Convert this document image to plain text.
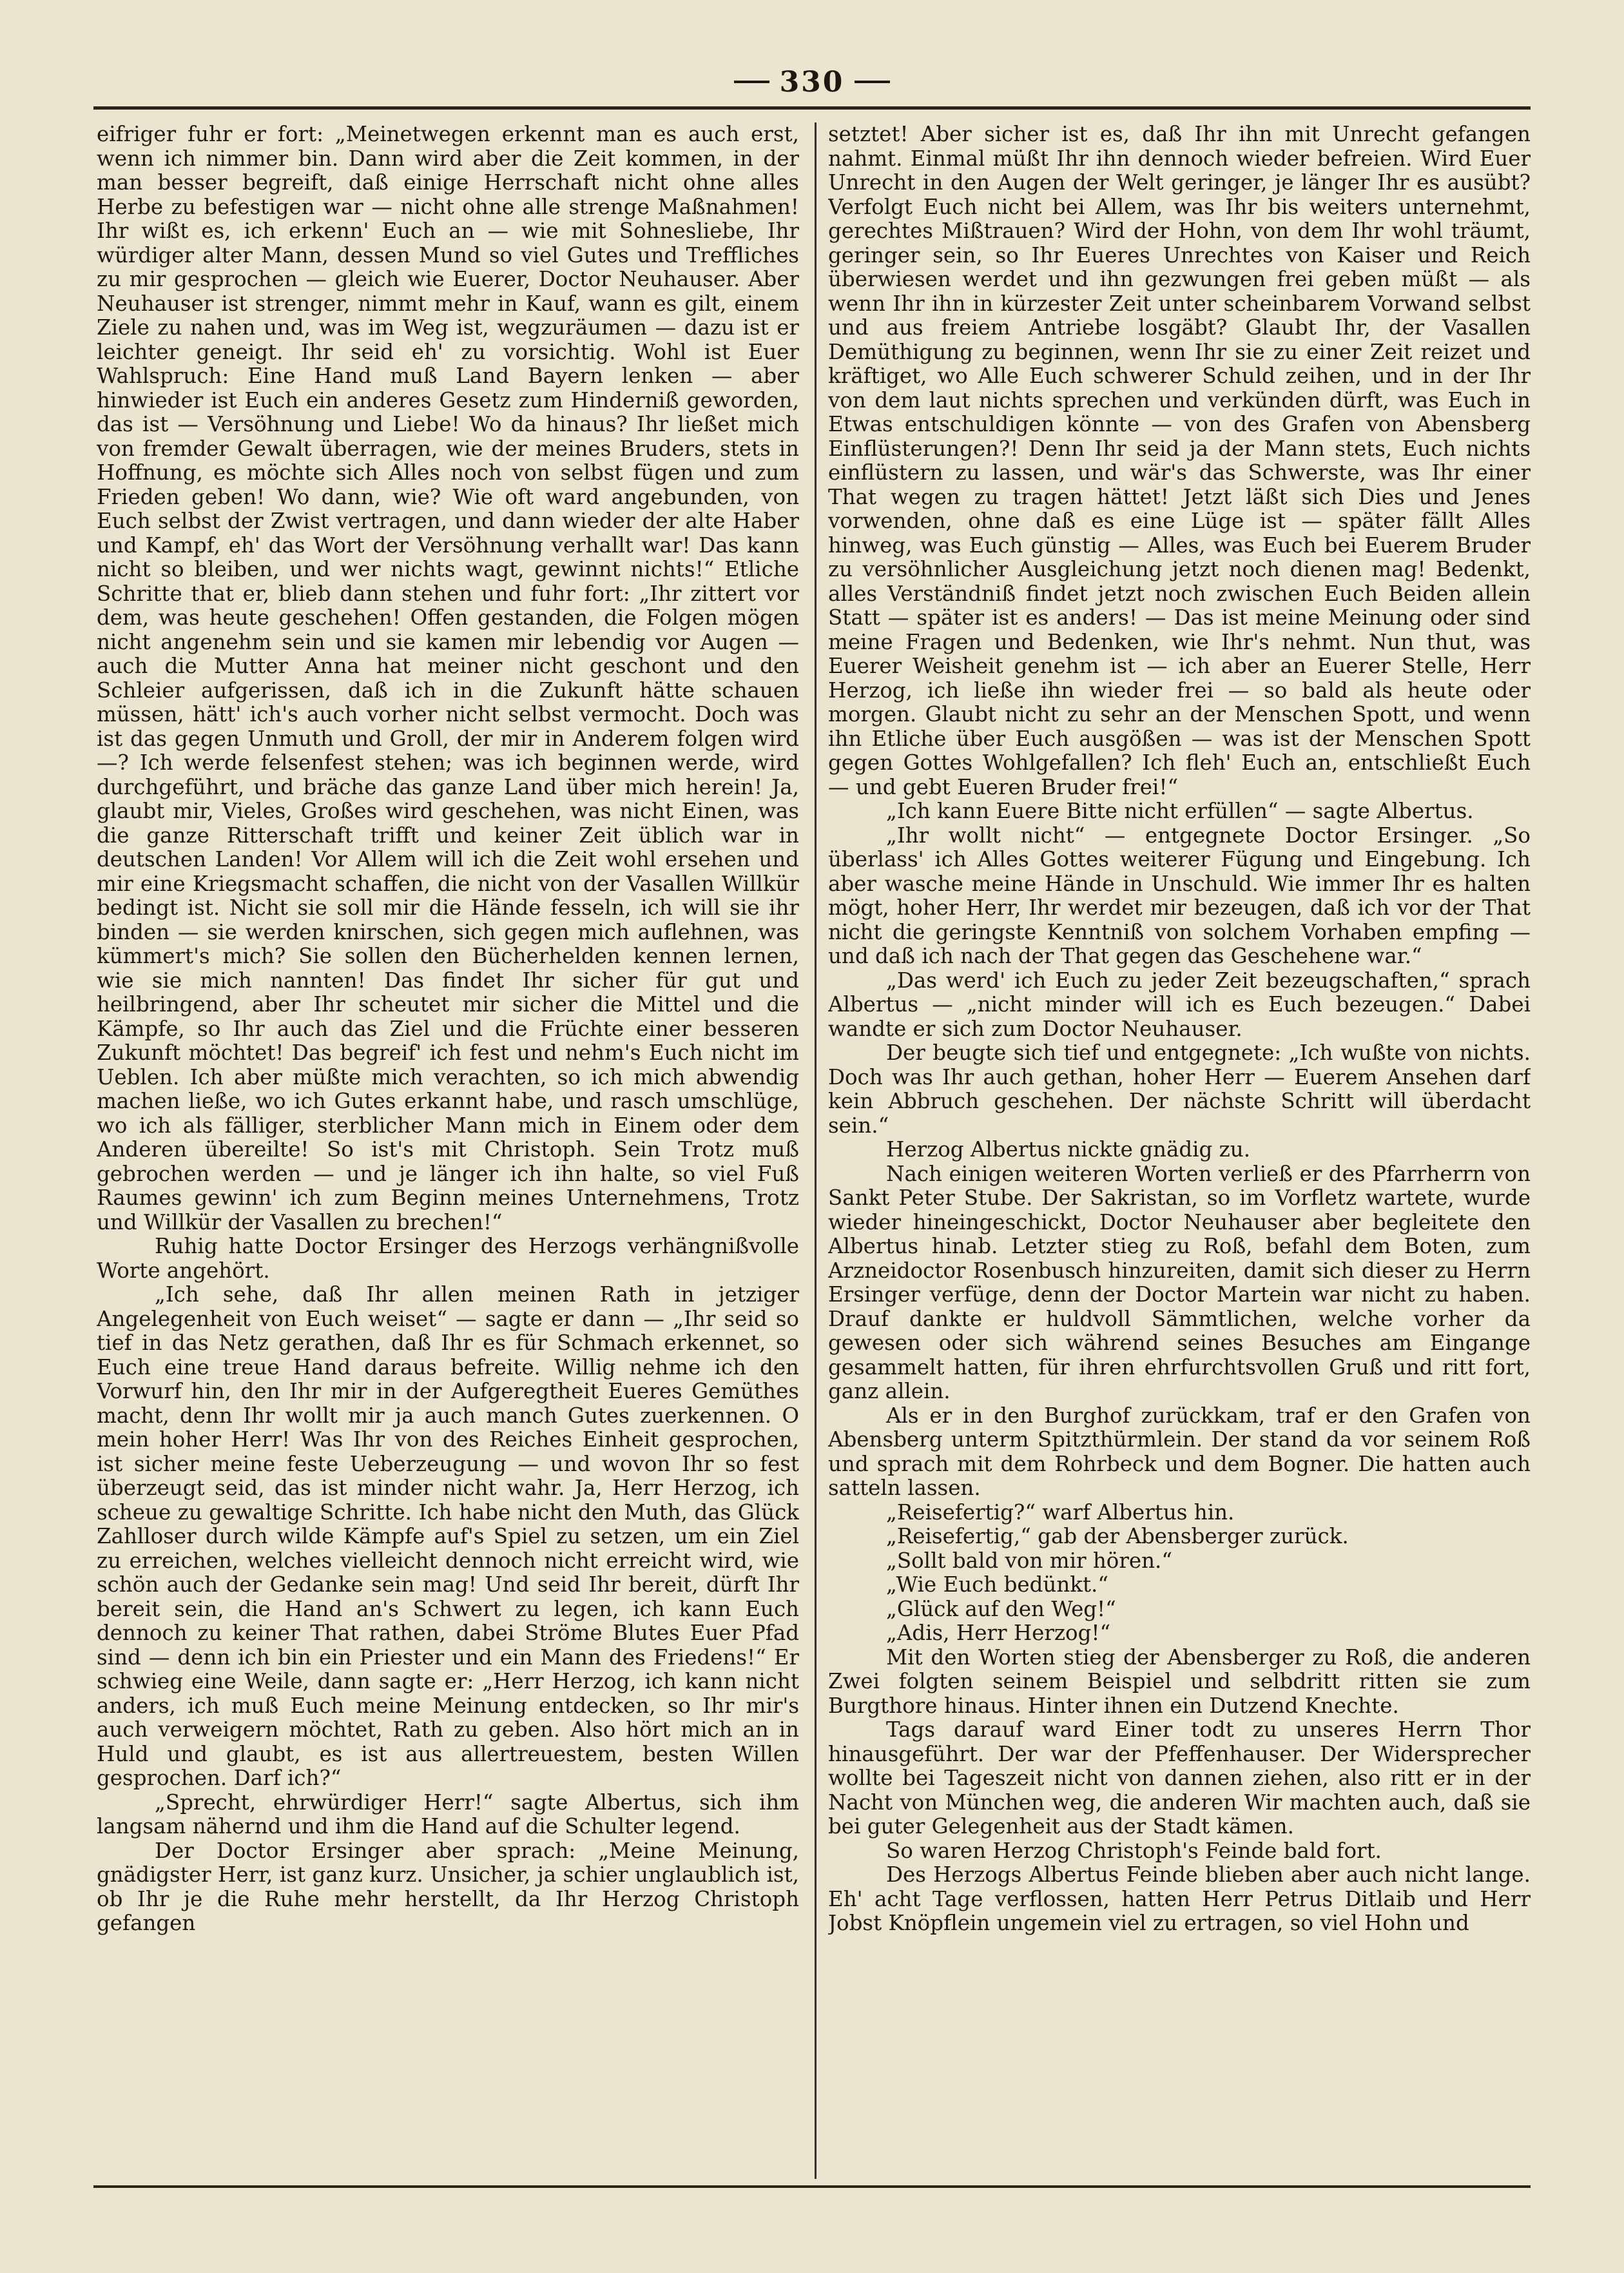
330

eifriger fuhr er fort: „Meinetwegen erkennt man es auch erst, wenn ich nimmer bin. Dann wird aber die Zeit kommen, in der man besser begreift, daß einige Herrschaft nicht ohne alles Herbe zu befestigen war — nicht ohne alle strenge Maßnahmen! Ihr wißt es, ich erkenn' Euch an — wie mit Sohnesliebe, Ihr würdiger alter Mann, dessen Mund so viel Gutes und Treffliches zu mir gesprochen — gleich wie Euerer, Doctor Neuhauser. Aber Neuhauser ist strenger, nimmt mehr in Kauf, wann es gilt, einem Ziele zu nahen und, was im Weg ist, wegzuräumen — dazu ist er leichter geneigt. Ihr seid eh' zu vorsichtig. Wohl ist Euer Wahlspruch: Eine Hand muß Land Bayern lenken — aber hinwieder ist Euch ein anderes Gesetz zum Hinderniß geworden, das ist — Versöhnung und Liebe! Wo da hinaus? Ihr ließet mich von fremder Gewalt überragen, wie der meines Bruders, stets in Hoffnung, es möchte sich Alles noch von selbst fügen und zum Frieden geben! Wo dann, wie? Wie oft ward angebunden, von Euch selbst der Zwist vertragen, und dann wieder der alte Haber und Kampf, eh' das Wort der Versöhnung verhallt war! Das kann nicht so bleiben, und wer nichts wagt, gewinnt nichts!“ Etliche Schritte that er, blieb dann stehen und fuhr fort: „Ihr zittert vor dem, was heute geschehen! Offen gestanden, die Folgen mögen nicht angenehm sein und sie kamen mir lebendig vor Augen — auch die Mutter Anna hat meiner nicht geschont und den Schleier aufgerissen, daß ich in die Zukunft hätte schauen müssen, hätt' ich's auch vorher nicht selbst vermocht. Doch was ist das gegen Unmuth und Groll, der mir in Anderem folgen wird —? Ich werde felsenfest stehen; was ich beginnen werde, wird durchgeführt, und bräche das ganze Land über mich herein! Ja, glaubt mir, Vieles, Großes wird geschehen, was nicht Einen, was die ganze Ritterschaft trifft und keiner Zeit üblich war in deutschen Landen! Vor Allem will ich die Zeit wohl ersehen und mir eine Kriegsmacht schaffen, die nicht von der Vasallen Willkür bedingt ist. Nicht sie soll mir die Hände fesseln, ich will sie ihr binden — sie werden knirschen, sich gegen mich auflehnen, was kümmert's mich? Sie sollen den Bücherhelden kennen lernen, wie sie mich nannten! Das findet Ihr sicher für gut und heilbringend, aber Ihr scheutet mir sicher die Mittel und die Kämpfe, so Ihr auch das Ziel und die Früchte einer besseren Zukunft möchtet! Das begreif' ich fest und nehm's Euch nicht im Ueblen. Ich aber müßte mich verachten, so ich mich abwendig machen ließe, wo ich Gutes erkannt habe, und rasch umschlüge, wo ich als fälliger, sterblicher Mann mich in Einem oder dem Anderen übereilte! So ist's mit Christoph. Sein Trotz muß gebrochen werden — und je länger ich ihn halte, so viel Fuß Raumes gewinn' ich zum Beginn meines Unternehmens, Trotz und Willkür der Vasallen zu brechen!“

Ruhig hatte Doctor Ersinger des Herzogs verhängnißvolle Worte angehört.

„Ich sehe, daß Ihr allen meinen Rath in jetziger Angelegenheit von Euch weiset“ — sagte er dann — „Ihr seid so tief in das Netz gerathen, daß Ihr es für Schmach erkennet, so Euch eine treue Hand daraus befreite. Willig nehme ich den Vorwurf hin, den Ihr mir in der Aufgeregtheit Eueres Gemüthes macht, denn Ihr wollt mir ja auch manch Gutes zuerkennen. O mein hoher Herr! Was Ihr von des Reiches Einheit gesprochen, ist sicher meine feste Ueberzeugung — und wovon Ihr so fest überzeugt seid, das ist minder nicht wahr. Ja, Herr Herzog, ich scheue zu gewaltige Schritte. Ich habe nicht den Muth, das Glück Zahlloser durch wilde Kämpfe auf's Spiel zu setzen, um ein Ziel zu erreichen, welches vielleicht dennoch nicht erreicht wird, wie schön auch der Gedanke sein mag! Und seid Ihr bereit, dürft Ihr bereit sein, die Hand an's Schwert zu legen, ich kann Euch dennoch zu keiner That rathen, dabei Ströme Blutes Euer Pfad sind — denn ich bin ein Priester und ein Mann des Friedens!“ Er schwieg eine Weile, dann sagte er: „Herr Herzog, ich kann nicht anders, ich muß Euch meine Meinung entdecken, so Ihr mir's auch verweigern möchtet, Rath zu geben. Also hört mich an in Huld und glaubt, es ist aus allertreuestem, besten Willen gesprochen. Darf ich?“

„Sprecht, ehrwürdiger Herr!“ sagte Albertus, sich ihm langsam nähernd und ihm die Hand auf die Schulter legend.

Der Doctor Ersinger aber sprach: „Meine Meinung, gnädigster Herr, ist ganz kurz. Unsicher, ja schier unglaublich ist, ob Ihr je die Ruhe mehr herstellt, da Ihr Herzog Christoph gefangen

setztet! Aber sicher ist es, daß Ihr ihn mit Unrecht gefangen nahmt. Einmal müßt Ihr ihn dennoch wieder befreien. Wird Euer Unrecht in den Augen der Welt geringer, je länger Ihr es ausübt? Verfolgt Euch nicht bei Allem, was Ihr bis weiters unternehmt, gerechtes Mißtrauen? Wird der Hohn, von dem Ihr wohl träumt, geringer sein, so Ihr Eueres Unrechtes von Kaiser und Reich überwiesen werdet und ihn gezwungen frei geben müßt — als wenn Ihr ihn in kürzester Zeit unter scheinbarem Vorwand selbst und aus freiem Antriebe losgäbt? Glaubt Ihr, der Vasallen Demüthigung zu beginnen, wenn Ihr sie zu einer Zeit reizet und kräftiget, wo Alle Euch schwerer Schuld zeihen, und in der Ihr von dem laut nichts sprechen und verkünden dürft, was Euch in Etwas entschuldigen könnte — von des Grafen von Abensberg Einflüsterungen?! Denn Ihr seid ja der Mann stets, Euch nichts einflüstern zu lassen, und wär's das Schwerste, was Ihr einer That wegen zu tragen hättet! Jetzt läßt sich Dies und Jenes vorwenden, ohne daß es eine Lüge ist — später fällt Alles hinweg, was Euch günstig — Alles, was Euch bei Euerem Bruder zu versöhnlicher Ausgleichung jetzt noch dienen mag! Bedenkt, alles Verständniß findet jetzt noch zwischen Euch Beiden allein Statt — später ist es anders! — Das ist meine Meinung oder sind meine Fragen und Bedenken, wie Ihr's nehmt. Nun thut, was Euerer Weisheit genehm ist — ich aber an Euerer Stelle, Herr Herzog, ich ließe ihn wieder frei — so bald als heute oder morgen. Glaubt nicht zu sehr an der Menschen Spott, und wenn ihn Etliche über Euch ausgößen — was ist der Menschen Spott gegen Gottes Wohlgefallen? Ich fleh' Euch an, entschließt Euch — und gebt Eueren Bruder frei!“

„Ich kann Euere Bitte nicht erfüllen“ — sagte Albertus.

„Ihr wollt nicht“ — entgegnete Doctor Ersinger. „So überlass' ich Alles Gottes weiterer Fügung und Eingebung. Ich aber wasche meine Hände in Unschuld. Wie immer Ihr es halten mögt, hoher Herr, Ihr werdet mir bezeugen, daß ich vor der That nicht die geringste Kenntniß von solchem Vorhaben empfing — und daß ich nach der That gegen das Geschehene war.“

„Das werd' ich Euch zu jeder Zeit bezeugschaften,“ sprach Albertus — „nicht minder will ich es Euch bezeugen.“ Dabei wandte er sich zum Doctor Neuhauser.

Der beugte sich tief und entgegnete: „Ich wußte von nichts. Doch was Ihr auch gethan, hoher Herr — Euerem Ansehen darf kein Abbruch geschehen. Der nächste Schritt will überdacht sein.“

Herzog Albertus nickte gnädig zu.

Nach einigen weiteren Worten verließ er des Pfarrherrn von Sankt Peter Stube. Der Sakristan, so im Vorfletz wartete, wurde wieder hineingeschickt, Doctor Neuhauser aber begleitete den Albertus hinab. Letzter stieg zu Roß, befahl dem Boten, zum Arzneidoctor Rosenbusch hinzureiten, damit sich dieser zu Herrn Ersinger verfüge, denn der Doctor Martein war nicht zu haben. Drauf dankte er huldvoll Sämmtlichen, welche vorher da gewesen oder sich während seines Besuches am Eingange gesammelt hatten, für ihren ehrfurchtsvollen Gruß und ritt fort, ganz allein.

Als er in den Burghof zurückkam, traf er den Grafen von Abensberg unterm Spitzthürmlein. Der stand da vor seinem Roß und sprach mit dem Rohrbeck und dem Bogner. Die hatten auch satteln lassen.

„Reisefertig?“ warf Albertus hin.

„Reisefertig,“ gab der Abensberger zurück.

„Sollt bald von mir hören.“

„Wie Euch bedünkt.“

„Glück auf den Weg!“

„Adis, Herr Herzog!“

Mit den Worten stieg der Abensberger zu Roß, die anderen Zwei folgten seinem Beispiel und selbdritt ritten sie zum Burgthore hinaus. Hinter ihnen ein Dutzend Knechte.

Tags darauf ward Einer todt zu unseres Herrn Thor hinausgeführt. Der war der Pfeffenhauser. Der Widersprecher wollte bei Tageszeit nicht von dannen ziehen, also ritt er in der Nacht von München weg, die anderen Wir machten auch, daß sie bei guter Gelegenheit aus der Stadt kämen.

So waren Herzog Christoph's Feinde bald fort.

Des Herzogs Albertus Feinde blieben aber auch nicht lange. Eh' acht Tage verflossen, hatten Herr Petrus Ditlaib und Herr Jobst Knöpflein ungemein viel zu ertragen, so viel Hohn und
